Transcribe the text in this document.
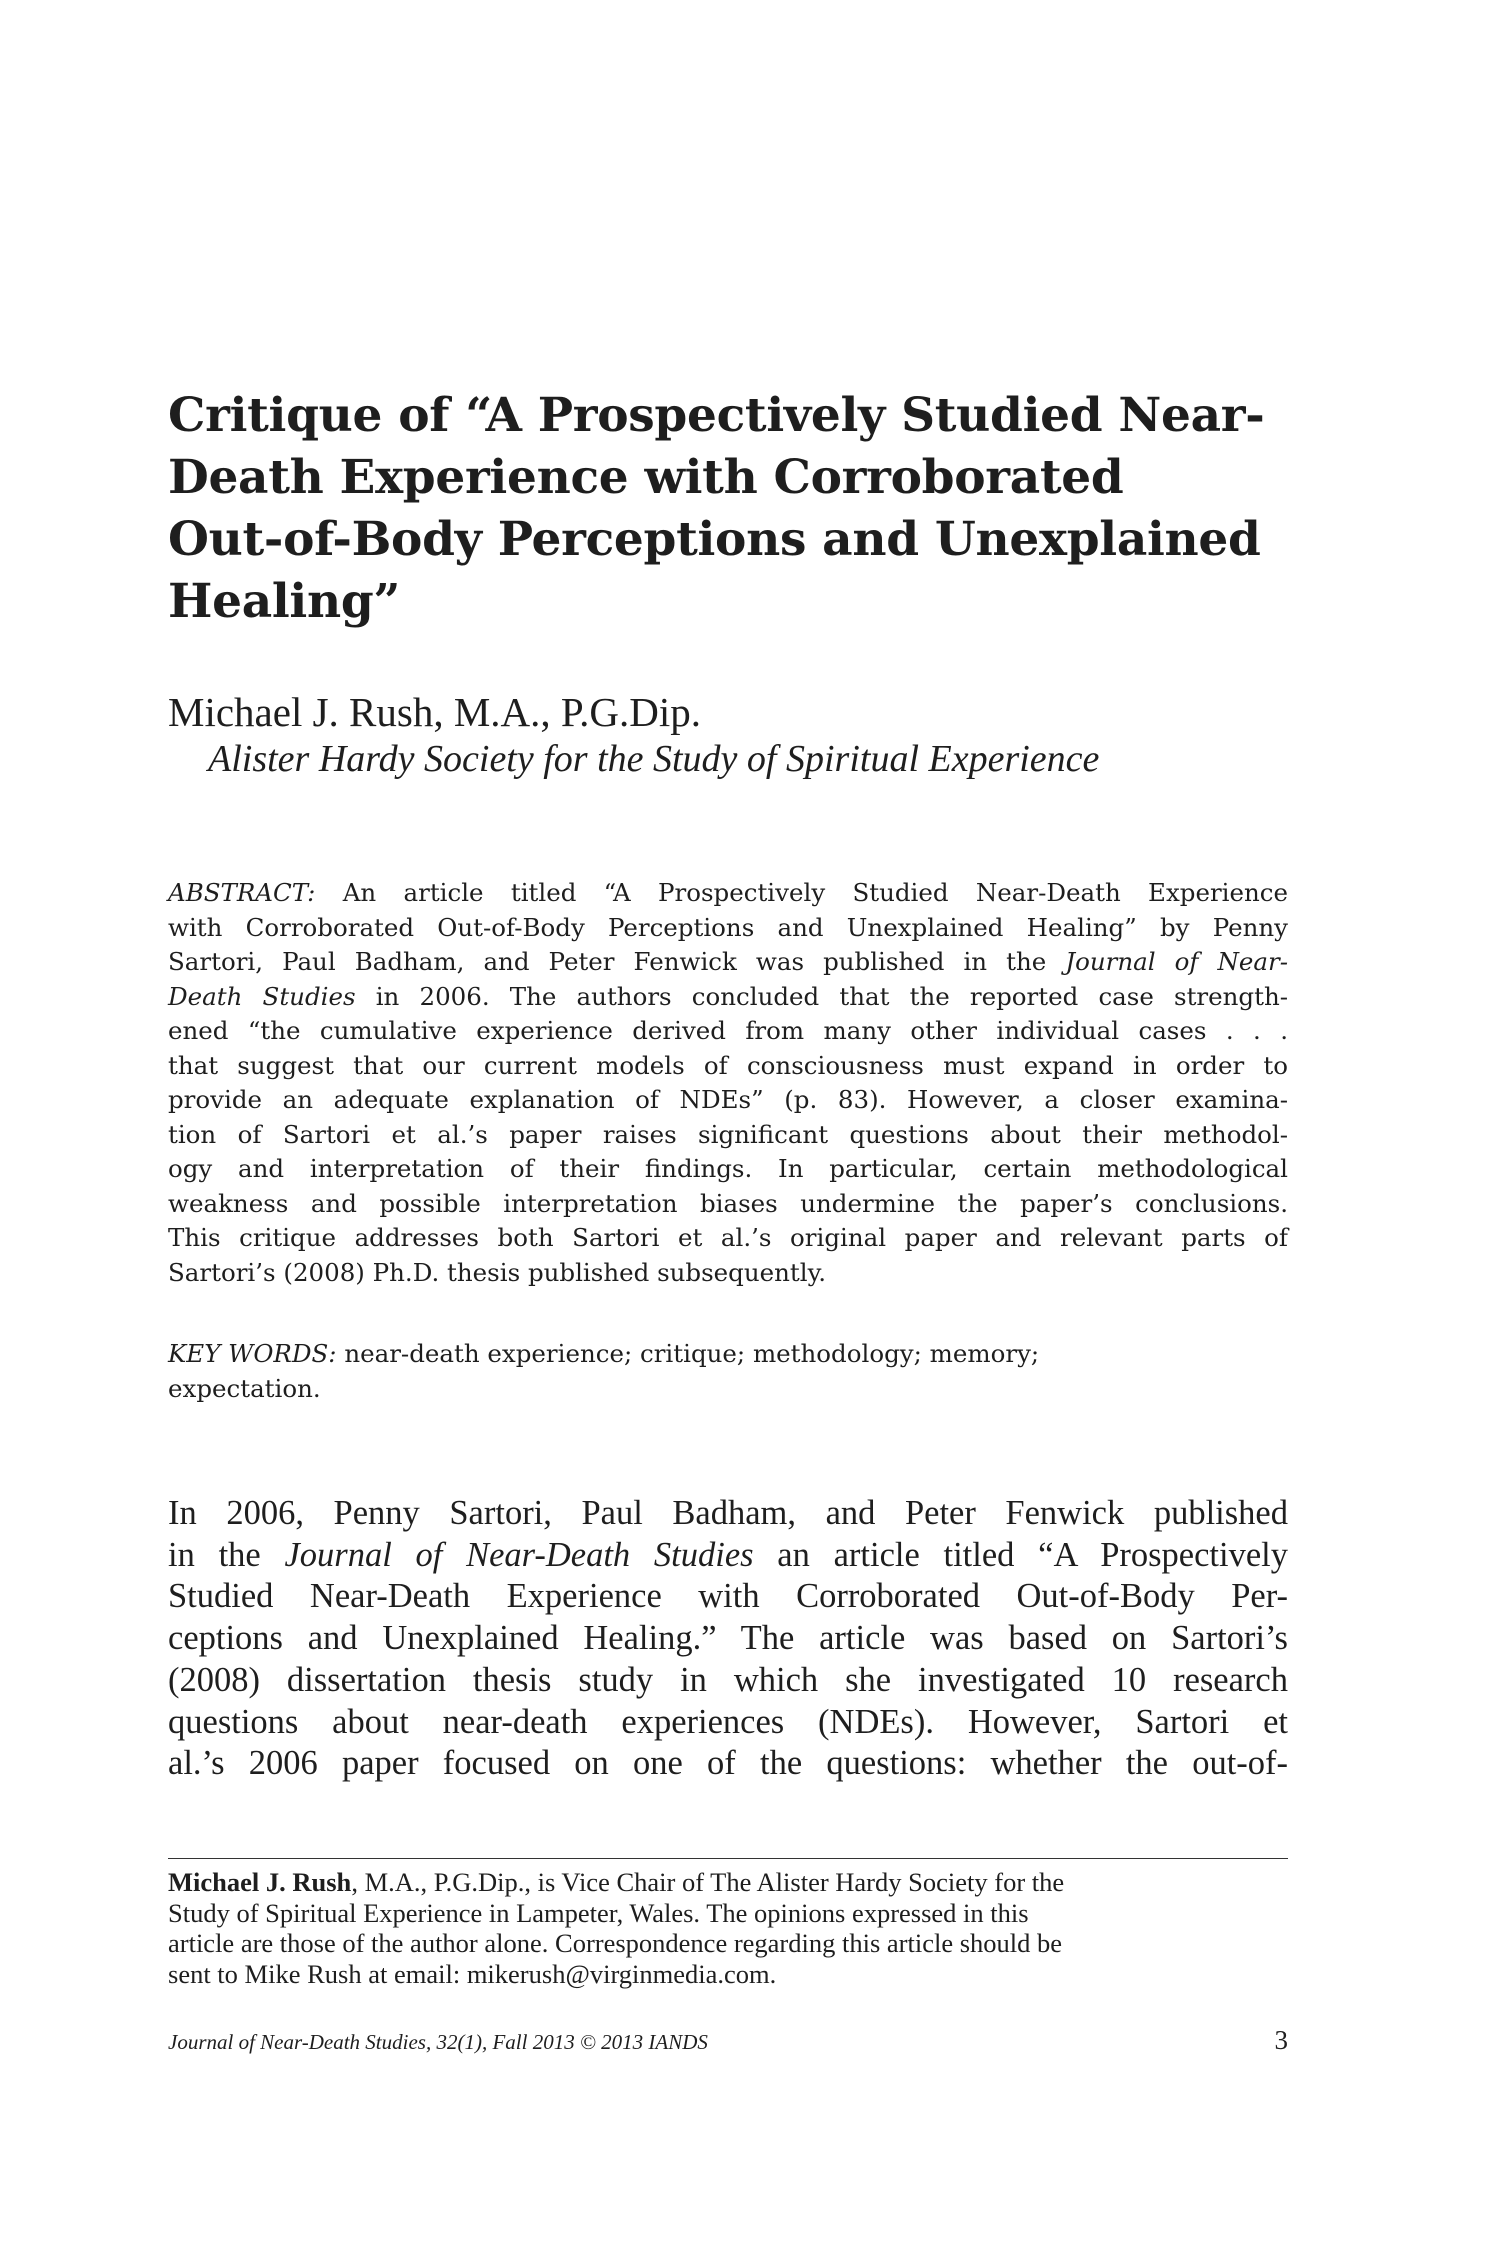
Critique of “A Prospectively Studied Near-
Death Experience with Corroborated
Out-of-Body Perceptions and Unexplained
Healing”
Michael J. Rush, M.A., P.G.Dip.
Alister Hardy Society for the Study of Spiritual Experience
ABSTRACT: An article titled “A Prospectively Studied Near-Death Experience
with Corroborated Out-of-Body Perceptions and Unexplained Healing” by Penny
Sartori, Paul Badham, and Peter Fenwick was published in the Journal of Near-
Death Studies in 2006. The authors concluded that the reported case strength-
ened “the cumulative experience derived from many other individual cases . . .
that suggest that our current models of consciousness must expand in order to
provide an adequate explanation of NDEs” (p. 83). However, a closer examina-
tion of Sartori et al.’s paper raises significant questions about their methodol-
ogy and interpretation of their findings. In particular, certain methodological
weakness and possible interpretation biases undermine the paper’s conclusions.
This critique addresses both Sartori et al.’s original paper and relevant parts of
Sartori’s (2008) Ph.D. thesis published subsequently.
KEY WORDS: near-death experience; critique; methodology; memory;
expectation.
In 2006, Penny Sartori, Paul Badham, and Peter Fenwick published
in the Journal of Near-Death Studies an article titled “A Prospectively
Studied Near-Death Experience with Corroborated Out-of-Body Per-
ceptions and Unexplained Healing.” The article was based on Sartori’s
(2008) dissertation thesis study in which she investigated 10 research
questions about near-death experiences (NDEs). However, Sartori et
al.’s 2006 paper focused on one of the questions: whether the out-of-
Michael J. Rush, M.A., P.G.Dip., is Vice Chair of The Alister Hardy Society for the
Study of Spiritual Experience in Lampeter, Wales. The opinions expressed in this
article are those of the author alone. Correspondence regarding this article should be
sent to Mike Rush at email: mikerush@virginmedia.com.
Journal of Near-Death Studies, 32(1), Fall 2013 © 2013 IANDS	3
